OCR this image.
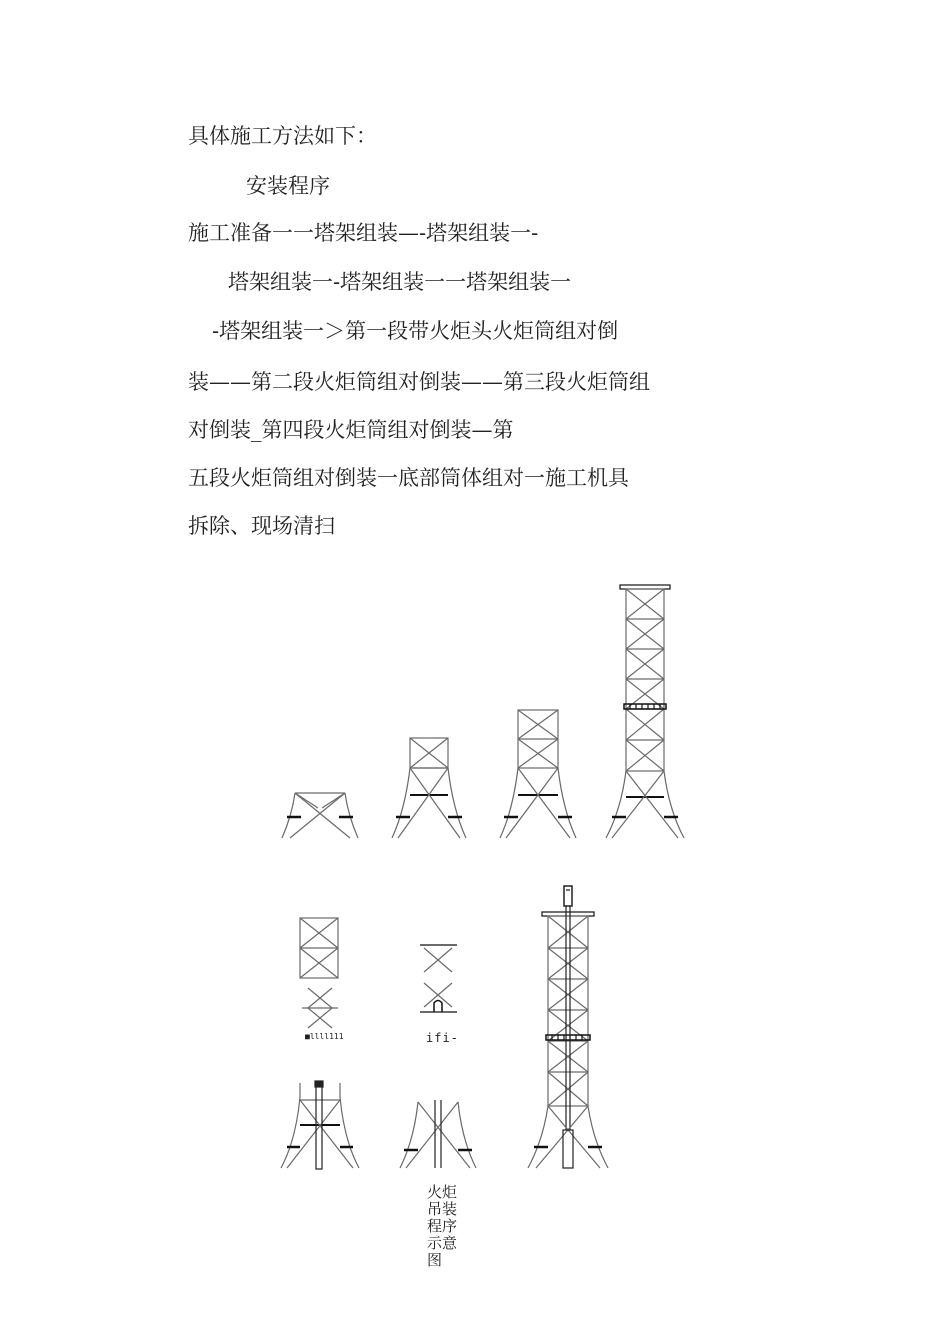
具体施工方法如下：
安装程序
施工准备一一塔架组装—-塔架组装一-
塔架组装一-塔架组装一一塔架组装一
-塔架组装一＞第一段带火炬头火炬筒组对倒
装——第二段火炬筒组对倒装——第三段火炬筒组
对倒装_第四段火炬筒组对倒装—第
五段火炬筒组对倒装一底部筒体组对一施工机具
拆除、现场清扫
■llll111	ifi-
火炬
吊装
程序
示意
图
